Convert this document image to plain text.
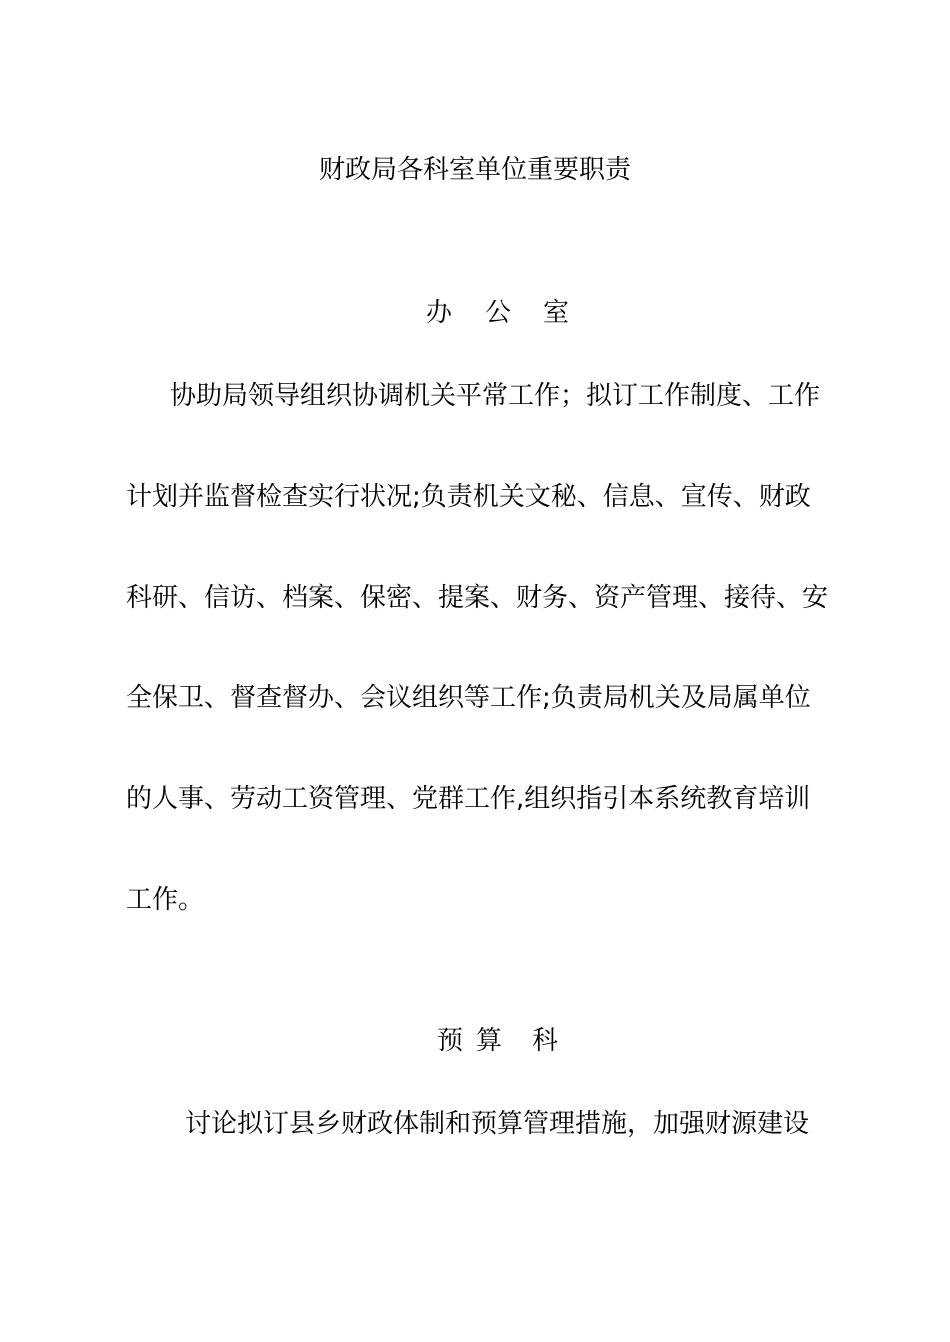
财政局各科室单位重要职责
办 公 室
协助局领导组织协调机关平常工作；拟订工作制度、工作
计划并监督检查实行状况;负责机关文秘、信息、宣传、财政
科研、信访、档案、保密、提案、财务、资产管理、接待、安
全保卫、督查督办、会议组织等工作;负责局机关及局属单位
的人事、劳动工资管理、党群工作,组织指引本系统教育培训
工作。
预 算 科
讨论拟订县乡财政体制和预算管理措施，加强财源建设
